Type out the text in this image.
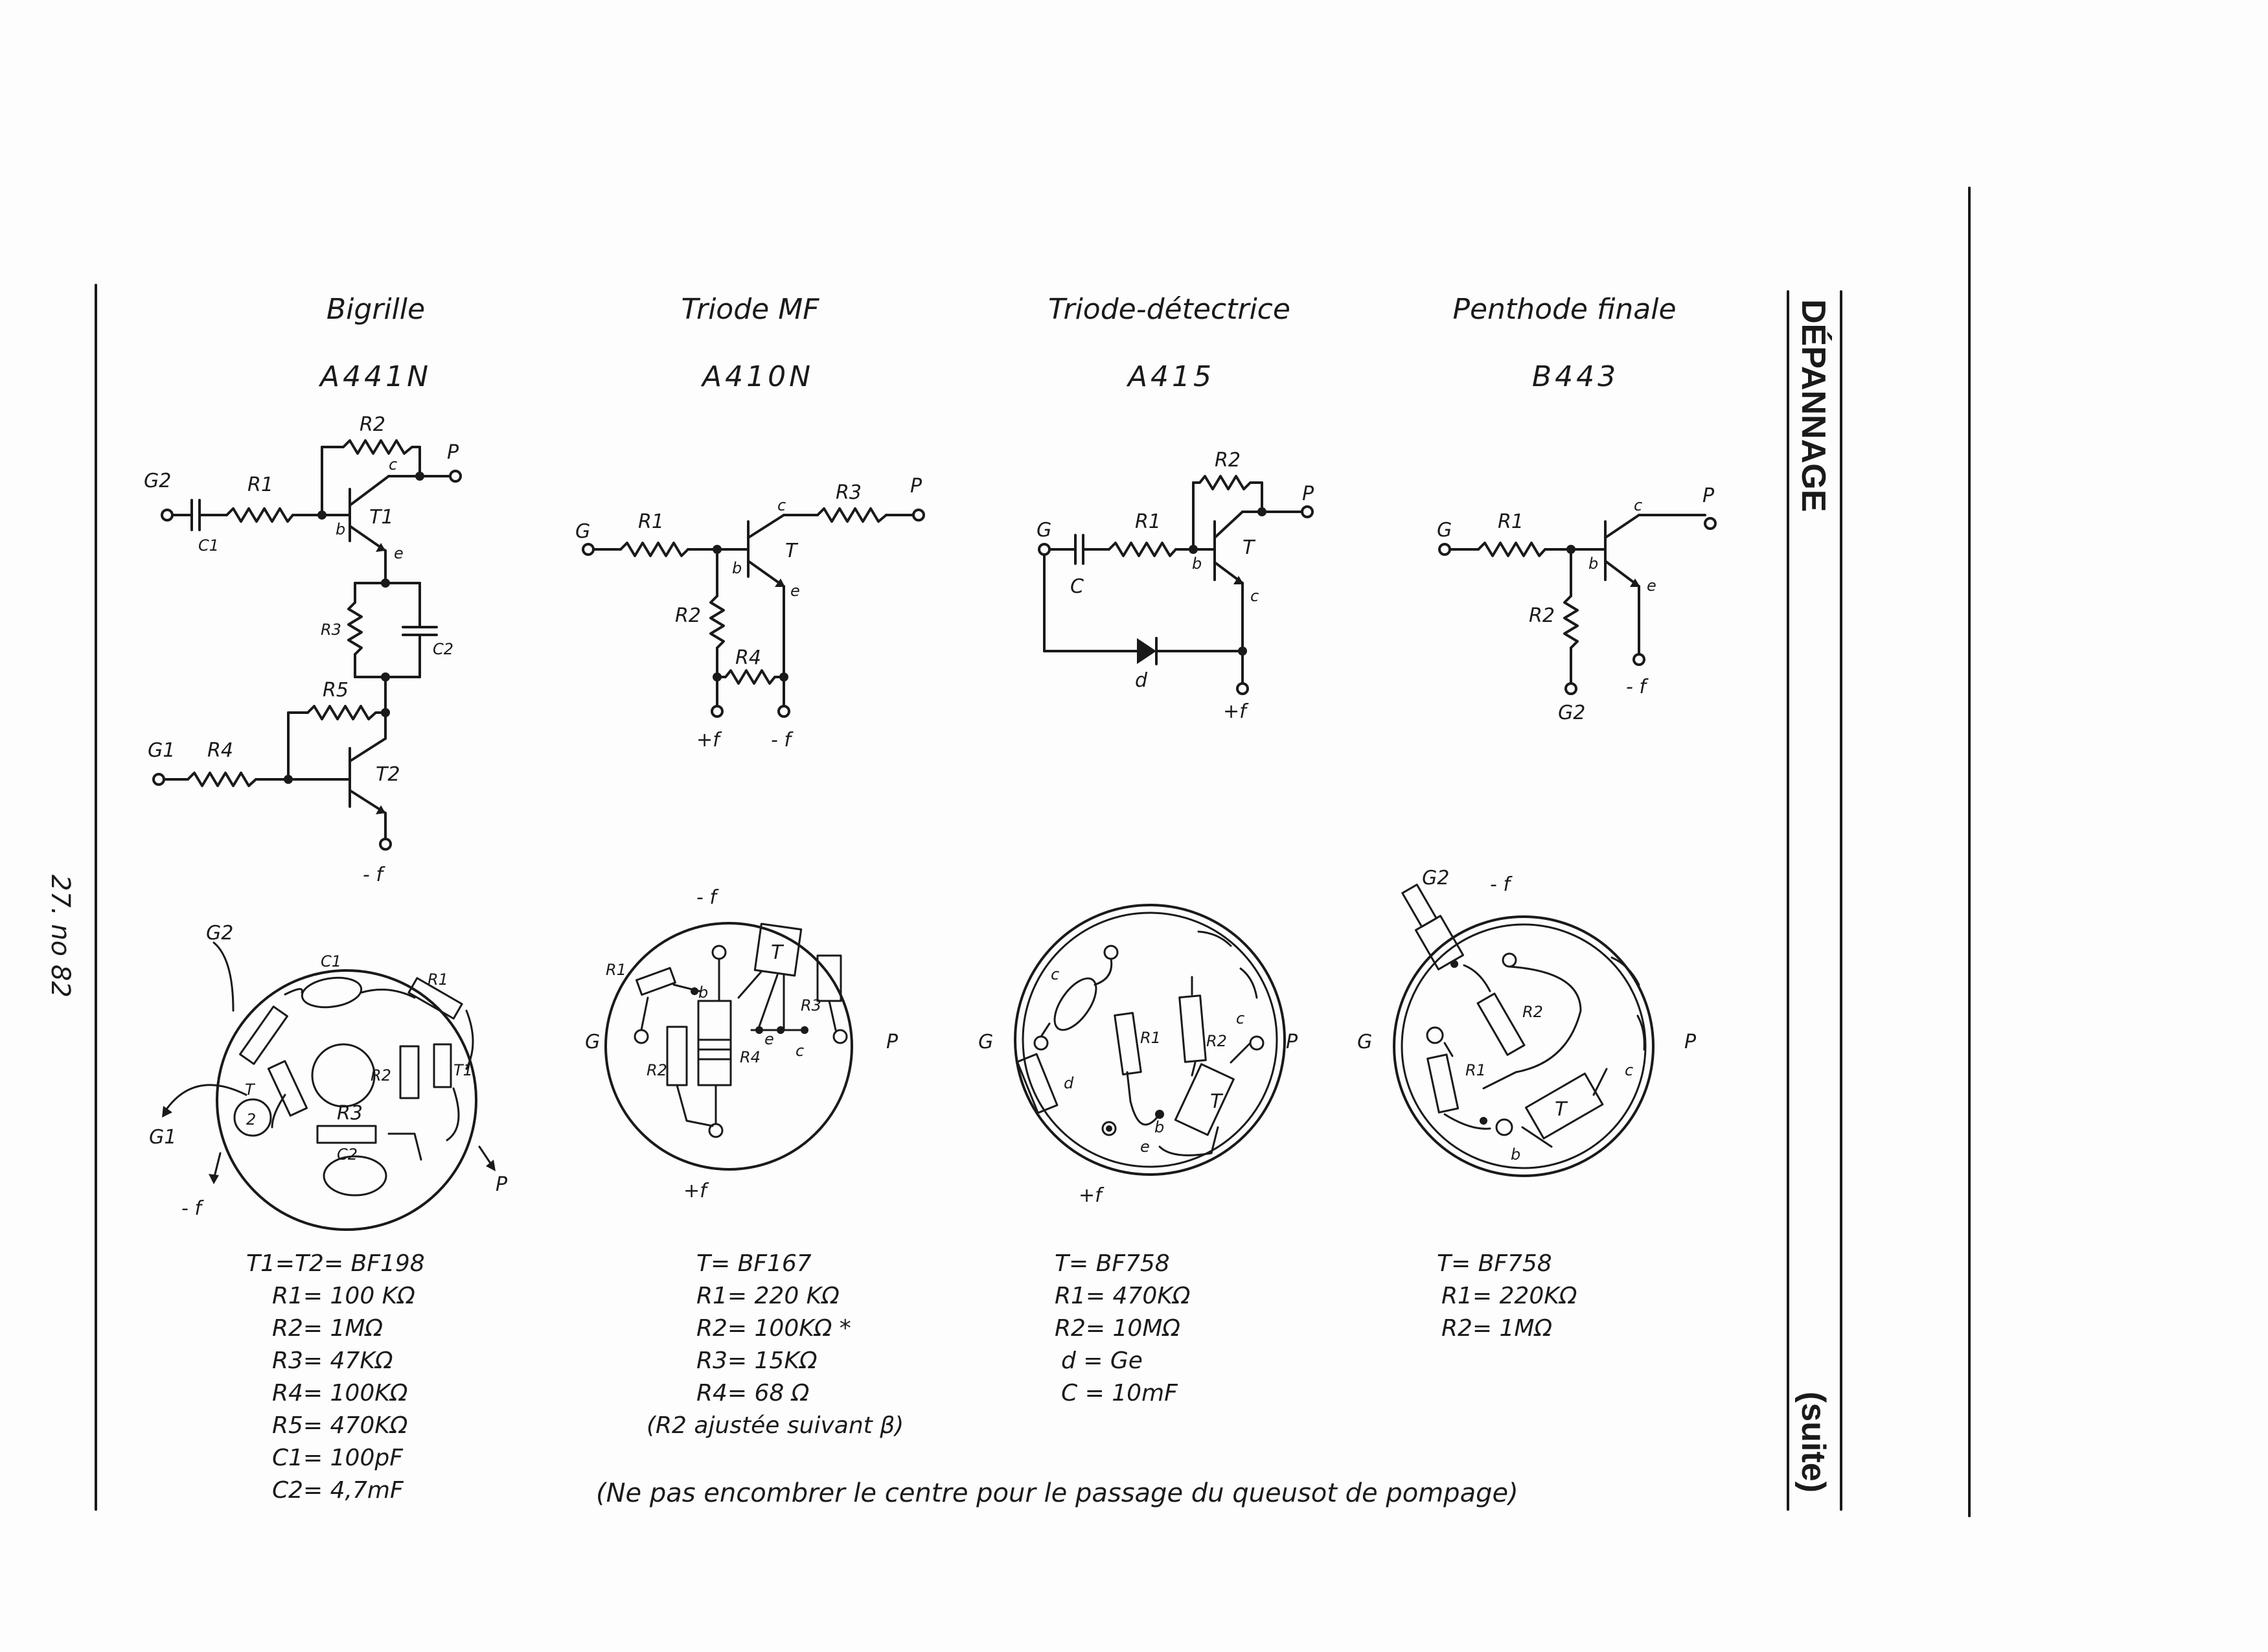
DÉPANNAGE
(suite)
27. no 82
Bigrille
A441N
G2
C1
R1
R2
c
T1
b
e
P
R3
C2
R5
G1 R4
T2
- f
G2
C1
R1
R2	T1
T
2	R3
C2
G1
- f
P
T1=T2= BF198
R1= 100 KΩ
R2= 1MΩ
R3= 47KΩ
R4= 100KΩ
R5= 470KΩ
C1= 100pF
C2= 4,7mF
Triode MF
A410N
G R1
c
R3	P
T
b
e
R2
R4
+f	- f
- f
R1
T
R3
b
G	P
R2
e
R4 c
+f
T= BF167
R1= 220 KΩ
R2= 100KΩ *
R3= 15KΩ
R4= 68 Ω
(R2 ajustée suivant β)
Triode-détectrice
A415
G
C
R1
R2
b
T
c
P
d
+f
c
G	P
R1	R2
c
d
T
b
e
+f
T= BF758
R1= 470KΩ
R2= 10MΩ
d = Ge
C = 10mF
Penthode finale
B443
G R1
c	P
b
e
R2
- f
G2
G2 - f
G	P
R2
R1	c
T
b
T= BF758
R1= 220KΩ
R2= 1MΩ
(Ne pas encombrer le centre pour le passage du queusot de pompage)
